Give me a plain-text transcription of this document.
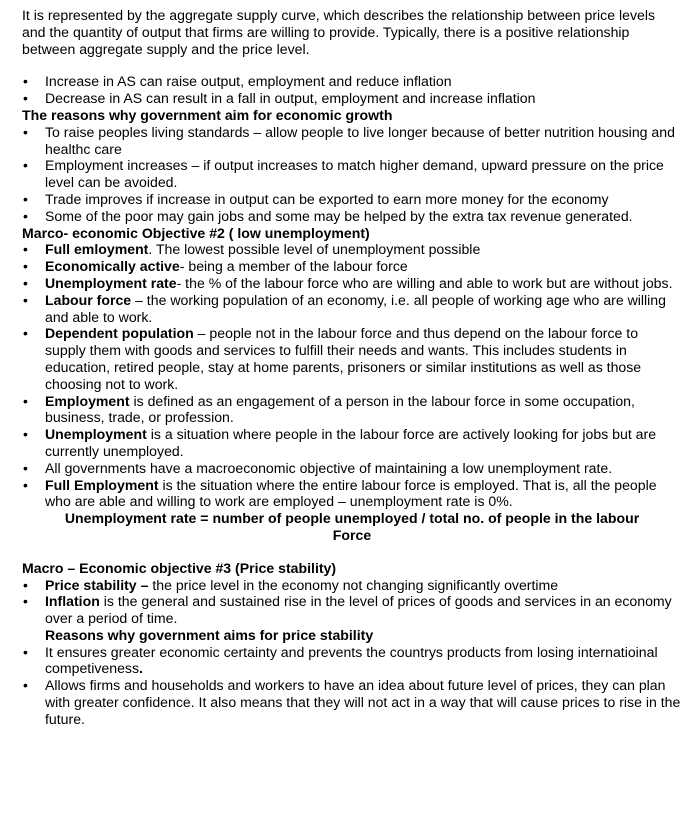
It is represented by the aggregate supply curve, which describes the relationship between price levels and the quantity of output that firms are willing to provide. Typically, there is a positive relationship between aggregate supply and the price level.

• Increase in AS can raise output, employment and reduce inflation
• Decrease in AS can result in a fall in output, employment and increase inflation

The reasons why government aim for economic growth

• To raise peoples living standards – allow people to live longer because of better nutrition housing and healthc care
• Employment increases – if output increases to match higher demand, upward pressure on the price level can be avoided.
• Trade improves if increase in output can be exported to earn more money for the economy
• Some of the poor may gain jobs and some may be helped by the extra tax revenue generated.

Marco- economic Objective #2 ( low unemployment)

• Full emloyment. The lowest possible level of unemployment possible
• Economically active- being a member of the labour force
• Unemployment rate- the % of the labour force who are willing and able to work but are without jobs.
• Labour force – the working population of an economy, i.e. all people of working age who are willing and able to work.
• Dependent population – people not in the labour force and thus depend on the labour force to supply them with goods and services to fulfill their needs and wants. This includes students in education, retired people, stay at home parents, prisoners or similar institutions as well as those choosing not to work.
• Employment is defined as an engagement of a person in the labour force in some occupation, business, trade, or profession.
• Unemployment is a situation where people in the labour force are actively looking for jobs but are currently unemployed.
• All governments have a macroeconomic objective of maintaining a low unemployment rate.
• Full Employment is the situation where the entire labour force is employed. That is, all the people who are able and willing to work are employed – unemployment rate is 0%.

Unemployment rate = number of people unemployed / total no. of people in the labour Force

Macro – Economic objective #3 (Price stability)

• Price stability – the price level in the economy not changing significantly overtime
• Inflation is the general and sustained rise in the level of prices of goods and services in an economy over a period of time.

Reasons why government aims for price stability

• It ensures greater economic certainty and prevents the countrys products from losing internatioinal competiveness.
• Allows firms and households and workers to have an idea about future level of prices, they can plan with greater confidence. It also means that they will not act in a way that will cause prices to rise in the future.
